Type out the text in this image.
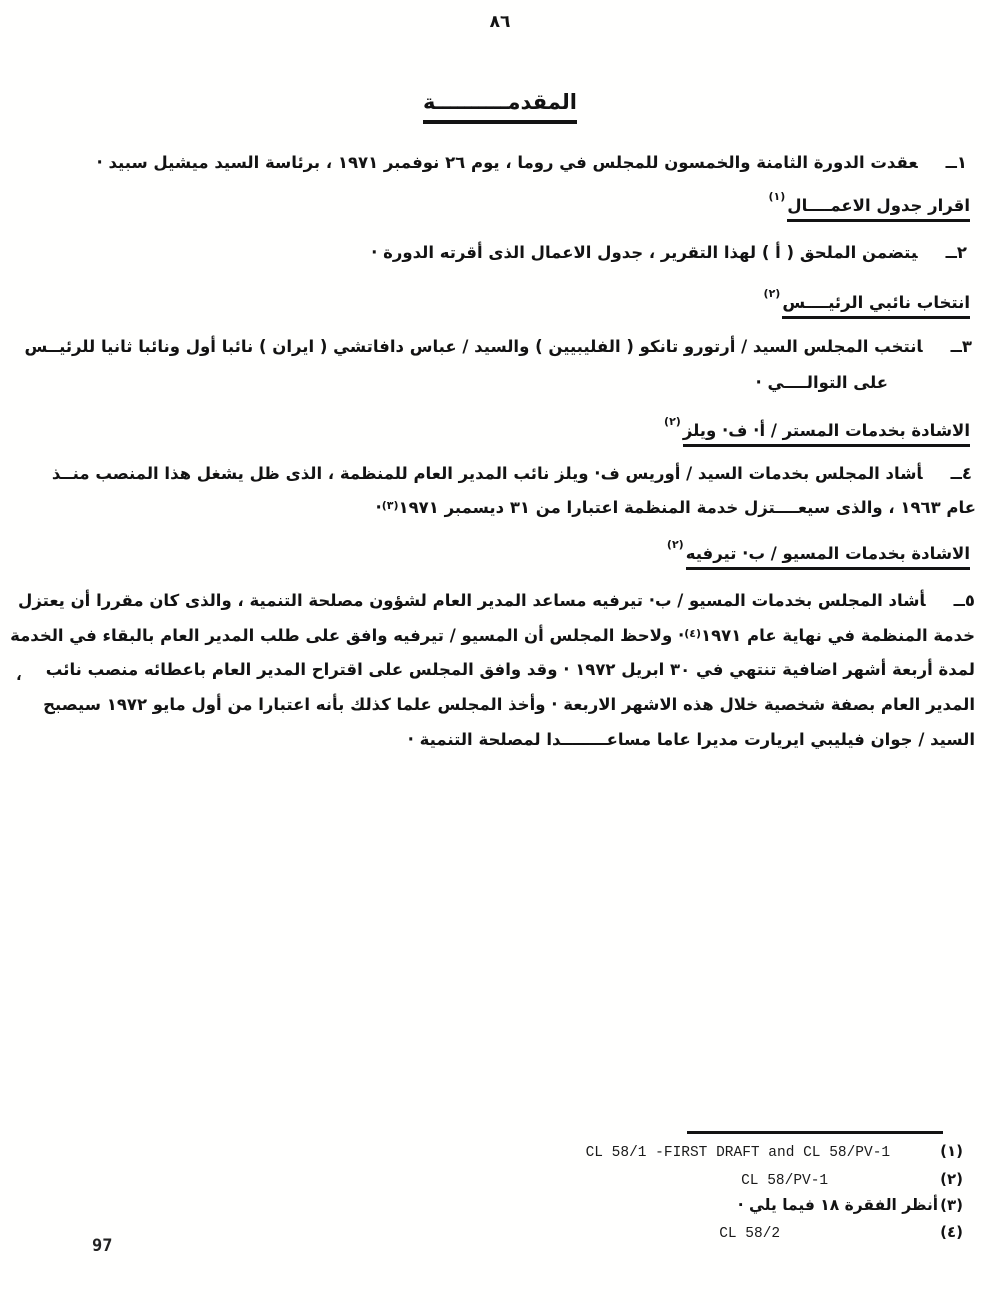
٨٦
المقدمــــــــــة
١ــعقدت الدورة الثامنة والخمسون للمجلس في روما ، يوم ٢٦ نوفمبر ١٩٧١ ، برئاسة السيد ميشيل سبيد ·
اقرار جدول الاعمــــال$^{(١)}$
٢ــيتضمن الملحق ( أ ) لهذا التقرير ، جدول الاعمال الذى أقرته الدورة ·
انتخاب نائبي الرئيــــس$^{(٢)}$
٣ــانتخب المجلس السيد / أرتورو تانكو ( الفليبيين ) والسيد / عباس دافاتشي ( ايران ) نائبا أول ونائبا ثانيا للرئيــس
على التوالــــي ·
الاشادة بخدمات المستر / أ· ف· ويلز$^{(٢)}$
٤ــأشاد المجلس بخدمات السيد / أوريس ف· ويلز نائب المدير العام للمنظمة ، الذى ظل يشغل هذا المنصب منــذ
عام ١٩٦٣ ، والذى سيعــــتزل خدمة المنظمة اعتبارا من ٣١ ديسمبر ١٩٧١$^{(٣)}$·
الاشادة بخدمات المسيو / ب· تيرفيه$^{(٢)}$
٥ــأشاد المجلس بخدمات المسيو / ب· تيرفيه مساعد المدير العام لشؤون مصلحة التنمية ، والذى كان مقررا أن يعتزل
خدمة المنظمة في نهاية عام ١٩٧١$^{(٤)}$· ولاحظ المجلس أن المسيو / تيرفيه وافق على طلب المدير العام بالبقاء في الخدمة
لمدة أربعة أشهر اضافية تنتهي في ٣٠ ابريل ١٩٧٢ · وقد وافق المجلس على اقتراح المدير العام باعطائه منصب نائب
المدير العام بصفة شخصية خلال هذه الاشهر الاربعة · وأخذ المجلس علما كذلك بأنه اعتبارا من أول مايو ١٩٧٢ سيصبح
السيد / جوان فيليبي ايريارت مديرا عاما مساعــــــــدا لمصلحة التنمية ·
،
(١)CL 58/1 -FIRST DRAFT and CL 58/PV-1
(٢)CL 58/PV-1
(٣)أنظر الفقرة ١٨ فيما يلي ·
(٤)CL 58/2
97
